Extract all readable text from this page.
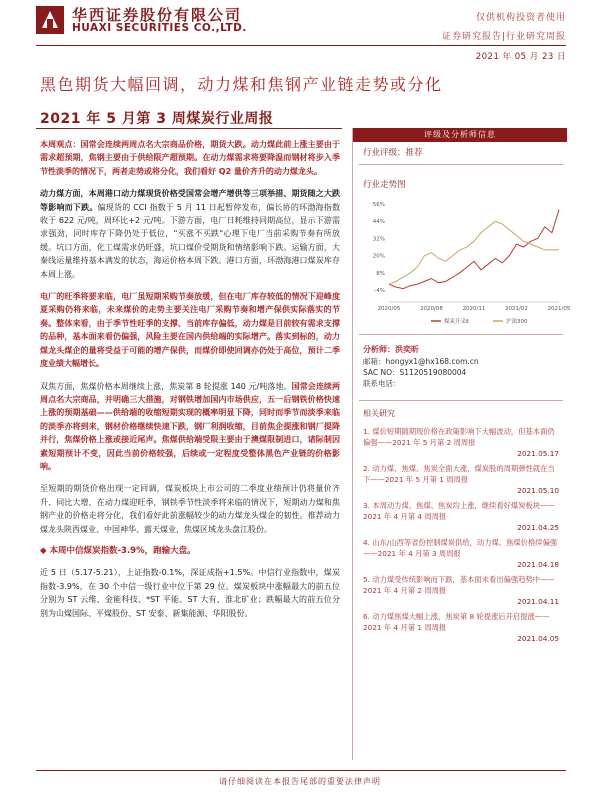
华西证券股份有限公司
HUAXI SECURITIES CO.,LTD.
仅供机构投资者使用
证券研究报告|行业研究周报
2021 年 05 月 23 日
黑色期货大幅回调，动力煤和焦钢产业链走势或分化
2021 年 5 月第 3 周煤炭行业周报

本周观点：国常会连续两周点名大宗商品价格，期货大跌。动力煤此前上涨主要由于需求超预期，焦钢主要由于供给限产超预期。在动力煤需求将要降温而钢材将步入季节性淡季的情况下，两者走势或将分化，我们看好 Q2 量价齐升的动力煤龙头。

动力煤方面，本周港口动力煤现货价格受国常会增产增供等三项举措、期货随之大跌等影响而下跌。偏现货的 CCI 指数于 5 月 11 日起暂停发布，偏长协的环渤海指数收于 622 元/吨，周环比+2 元/吨。下游方面，电厂日耗维持同期高位，显示下游需求强劲，同时库存下降仍处于低位，"买涨不买跌"心理下电厂当前采购节奏有所放缓。坑口方面，化工煤需求仍旺盛，坑口煤价受期货和情绪影响下跌。运输方面，大秦线运量维持基本满发的状态，海运价格本周下跌。港口方面，环渤海港口煤炭库存本周上涨。

电厂的旺季将要来临，电厂虽短期采购节奏放缓，但在电厂库存较低的情况下迎峰度夏采购仍将来临，未来煤价的走势主要关注电厂采购节奏和增产保供实际落实的节奏。整体来看，由于季节性旺季的支撑、当前库存偏低，动力煤是目前较有需求支撑的品种，基本面来看仍偏强，风险主要在国内供给端的实际增产。落实到标的，动力煤龙头煤企的量将受益于可能的增产保供，而煤价即使回调亦仍处于高位，预计二季度业绩大幅增长。

双焦方面，焦煤价格本周继续上涨，焦炭第 8 轮提涨 140 元/吨落地。国常会连续两周点名大宗商品，并明确三大措施，对钢铁增加国内市场供应，五一后钢铁价格快速上涨的预期基础——供给端的收缩短期实现的概率明显下降，同时而季节而淡季来临的淡季亦将到来，钢材价格继续快速下跌，钢厂利润收缩，目前焦企提涨和钢厂提降并行，焦煤价格上涨或接近尾声。焦煤供给端受限主要由于澳煤限制进口，诸际制因素短期预计不变，因此当前价格较强，后续或一定程度受整体黑色产业链的价格影响。

至短期的期货价格出现一定回调，煤炭板块上市公司的二季度业绩预计仍将量价齐升、同比大增，在动力煤迎旺季，钢铁季节性淡季将来临的情况下，短期动力煤和焦钢产业的价格走将分化，我们看好此前涨幅较少的动力煤龙头煤企的韧性。推荐动力煤龙头陕西煤业、中国神华、露天煤业，焦煤区域龙头盘江股份。

◆ 本周中信煤炭指数-3.9%，跑输大盘。

近 5 日（5.17-5.21），上证指数-0.1%，深证成指+1.5%。中信行业指数中，煤炭指数-3.9%，在 30 个中信一级行业中位于第 29 位。煤炭板块中涨幅最大的前五位分别为 ST 云维、金能科技、*ST 平能、ST 大有、淮北矿业；跌幅最大的前五位分别为山煤国际、平煤股份、ST 安泰、新集能源、华阳股份。

评级及分析师信息
行业评级：推荐
行业走势图
-4%
8%
20%
32%
44%
56%
2020/05	2020/08	2020/11	2021/02	2021/05
煤炭开采Ⅱ	沪深300
分析师：洪奕昕
邮箱：hongyx1@hx168.com.cn
SAC NO：S1120519080004
联系电话：
相关研究
1. 煤价短期随期现价格在政策影响下大幅波动，但基本面仍偏强——2021 年 5 月第 2 周周报
2021.05.17
2. 动力煤、焦煤、焦炭全面大涨，煤炭股的周期弹性就在当下——2021 年 5 月第 1 周周报
2021.05.10
3. 本周动力煤、焦煤、焦炭均上涨，继续看好煤炭板块——2021 年 4 月第 4 周周报
2021.04.25
4. 山东/山西等省份控制煤炭供给，动力煤、焦煤价格续偏强——2021 年 4 月第 3 周周报
2021.04.18
5. 动力煤受传统影响而下跌，基本面未看出偏强趋势中——2021 年 4 月第 2 周周报
2021.04.11
6. 动力煤焦煤大幅上涨，焦炭第 8 轮提涨后开启提涨——2021 年 4 月第 1 周周报
2021.04.05
请仔细阅读在本报告尾部的重要法律声明
